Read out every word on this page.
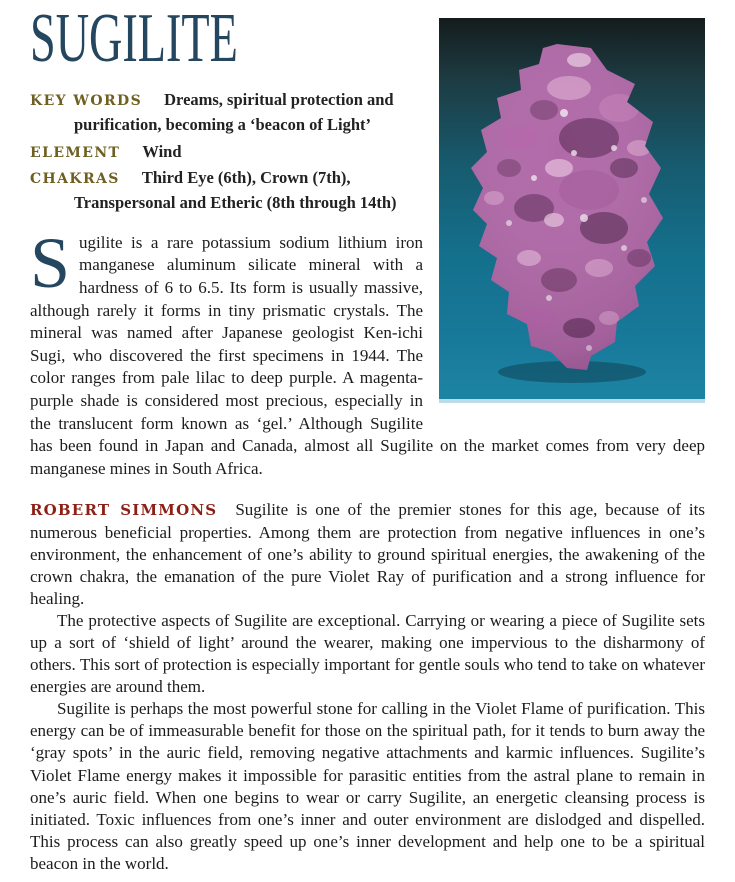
SUGILITE
KEY WORDS Dreams, spiritual protection and purification, becoming a ‘beacon of Light’
ELEMENT Wind
CHAKRAS Third Eye (6th), Crown (7th), Transpersonal and Etheric (8th through 14th)

Sugilite is a rare potassium sodium lithium iron manganese aluminum silicate mineral with a hardness of 6 to 6.5. Its form is usually massive, although rarely it forms in tiny prismatic crystals. The mineral was named after Japanese geologist Ken-ichi Sugi, who discovered the first specimens in 1944. The color ranges from pale lilac to deep purple. A magenta-purple shade is considered most precious, especially in the translucent form known as ‘gel.’ Although Sugilite has been found in Japan and Canada, almost all Sugilite on the market comes from very deep manganese mines in South Africa.

ROBERT SIMMONS Sugilite is one of the premier stones for this age, because of its numerous beneficial properties. Among them are protection from negative influences in one’s environment, the enhancement of one’s ability to ground spiritual energies, the awakening of the crown chakra, the emanation of the pure Violet Ray of purification and a strong influence for healing.

The protective aspects of Sugilite are exceptional. Carrying or wearing a piece of Sugilite sets up a sort of ‘shield of light’ around the wearer, making one impervious to the disharmony of others. This sort of protection is especially important for gentle souls who tend to take on whatever energies are around them.

Sugilite is perhaps the most powerful stone for calling in the Violet Flame of purification. This energy can be of immeasurable benefit for those on the spiritual path, for it tends to burn away the ‘gray spots’ in the auric field, removing negative attachments and karmic influences. Sugilite’s Violet Flame energy makes it impossible for parasitic entities from the astral plane to remain in one’s auric field. When one begins to wear or carry Sugilite, an energetic cleansing process is initiated. Toxic influences from one’s inner and outer environment are dislodged and dispelled. This process can also greatly speed up one’s inner development and help one to be a spiritual beacon in the world.
